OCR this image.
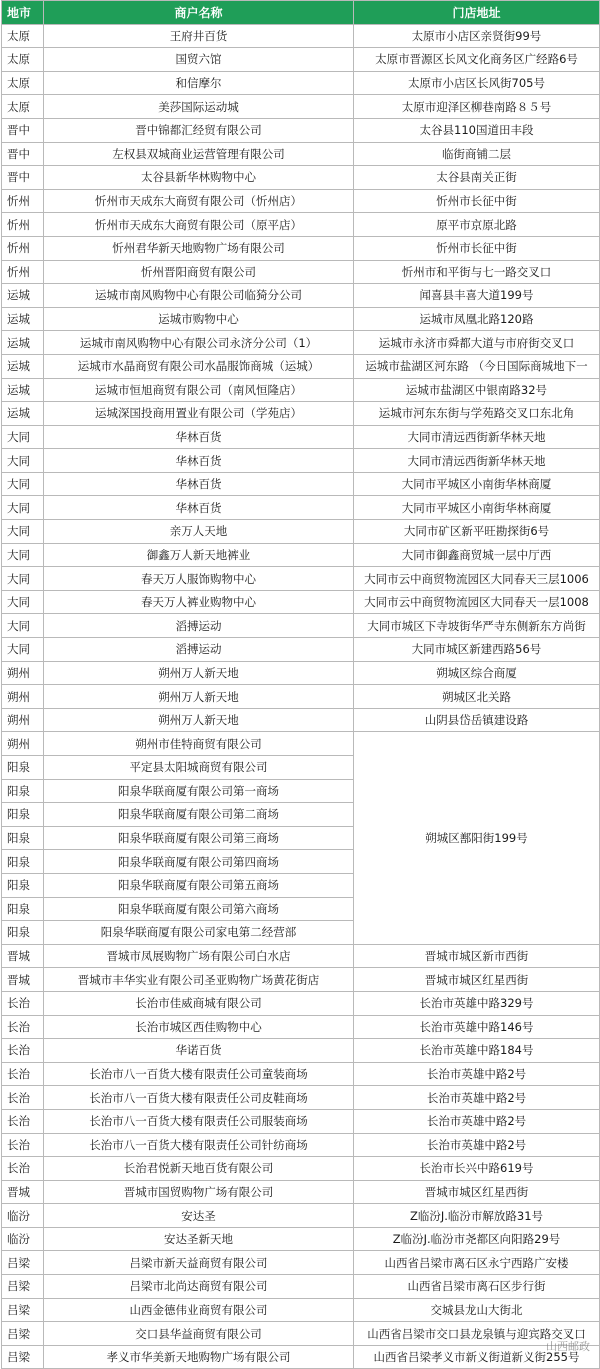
地市	商户名称	门店地址
太原	王府井百货	太原市小店区亲贤街99号
太原	国贸六馆	太原市晋源区长风文化商务区广经路6号
太原	和信摩尔	太原市小店区长风街705号
太原	美莎国际运动城	太原市迎泽区柳巷南路８５号
晋中	晋中锦都汇经贸有限公司	太谷县110国道田丰段
晋中	左权县双城商业运营管理有限公司	临街商铺二层
晋中	太谷县新华林购物中心	太谷县南关正街
忻州	忻州市天成东大商贸有限公司（忻州店）	忻州市长征中街
忻州	忻州市天成东大商贸有限公司（原平店）	原平市京原北路
忻州	忻州君华新天地购物广场有限公司	忻州市长征中街
忻州	忻州晋阳商贸有限公司	忻州市和平街与七一路交叉口
运城	运城市南风购物中心有限公司临猗分公司	闻喜县丰喜大道199号
运城	运城市购物中心	运城市凤凰北路120路
运城	运城市南风购物中心有限公司永济分公司（1）	运城市永济市舜都大道与市府街交叉口
运城	运城市水晶商贸有限公司水晶服饰商城（运城）	运城市盐湖区河东路 （今日国际商城地下一
运城	运城市恒旭商贸有限公司（南风恒隆店）	运城市盐湖区中银南路32号
运城	运城深国投商用置业有限公司（学苑店）	运城市河东东街与学苑路交叉口东北角
大同	华林百货	大同市清远西街新华林天地
大同	华林百货	大同市清远西街新华林天地
大同	华林百货	大同市平城区小南街华林商厦
大同	华林百货	大同市平城区小南街华林商厦
大同	亲万人天地	大同市矿区新平旺勘探街6号
大同	御鑫万人新天地裤业	大同市御鑫商贸城一层中厅西
大同	春天万人服饰购物中心	大同市云中商贸物流园区大同春天三层1006
大同	春天万人裤业购物中心	大同市云中商贸物流园区大同春天一层1008
大同	滔搏运动	大同市城区下寺坡街华严寺东侧新东方尚街
大同	滔搏运动	大同市城区新建西路56号
朔州	朔州万人新天地	朔城区综合商厦
朔州	朔州万人新天地	朔城区北关路
朔州	朔州万人新天地	山阴县岱岳镇建设路
朔州	朔州市佳特商贸有限公司	朔城区鄯阳街199号
阳泉	平定县太阳城商贸有限公司	
阳泉	阳泉华联商厦有限公司第一商场	
阳泉	阳泉华联商厦有限公司第二商场	
阳泉	阳泉华联商厦有限公司第三商场	
阳泉	阳泉华联商厦有限公司第四商场	
阳泉	阳泉华联商厦有限公司第五商场	
阳泉	阳泉华联商厦有限公司第六商场	
阳泉	阳泉华联商厦有限公司家电第二经营部	
晋城	晋城市凤展购物广场有限公司白水店	晋城市城区新市西街
晋城	晋城市丰华实业有限公司圣亚购物广场黄花街店	晋城市城区红星西街
长治	长治市佳威商城有限公司	长治市英雄中路329号
长治	长治市城区西佳购物中心	长治市英雄中路146号
长治	华诺百货	长治市英雄中路184号
长治	长治市八一百货大楼有限责任公司童装商场	长治市英雄中路2号
长治	长治市八一百货大楼有限责任公司皮鞋商场	长治市英雄中路2号
长治	长治市八一百货大楼有限责任公司服装商场	长治市英雄中路2号
长治	长治市八一百货大楼有限责任公司针纺商场	长治市英雄中路2号
长治	长治君悦新天地百货有限公司	长治市长兴中路619号
晋城	晋城市国贸购物广场有限公司	晋城市城区红星西街
临汾	安达圣	Z临汾J.临汾市解放路31号
临汾	安达圣新天地	Z临汾J.临汾市尧都区向阳路29号
吕梁	吕梁市新天益商贸有限公司	山西省吕梁市离石区永宁西路广安楼
吕梁	吕梁市北尚达商贸有限公司	山西省吕梁市离石区步行街
吕梁	山西金德伟业商贸有限公司	交城县龙山大街北
吕梁	交口县华益商贸有限公司	山西省吕梁市交口县龙泉镇与迎宾路交叉口
吕梁	孝义市华美新天地购物广场有限公司	山西省吕梁孝义市新义街道新义街255号
山西邮政
